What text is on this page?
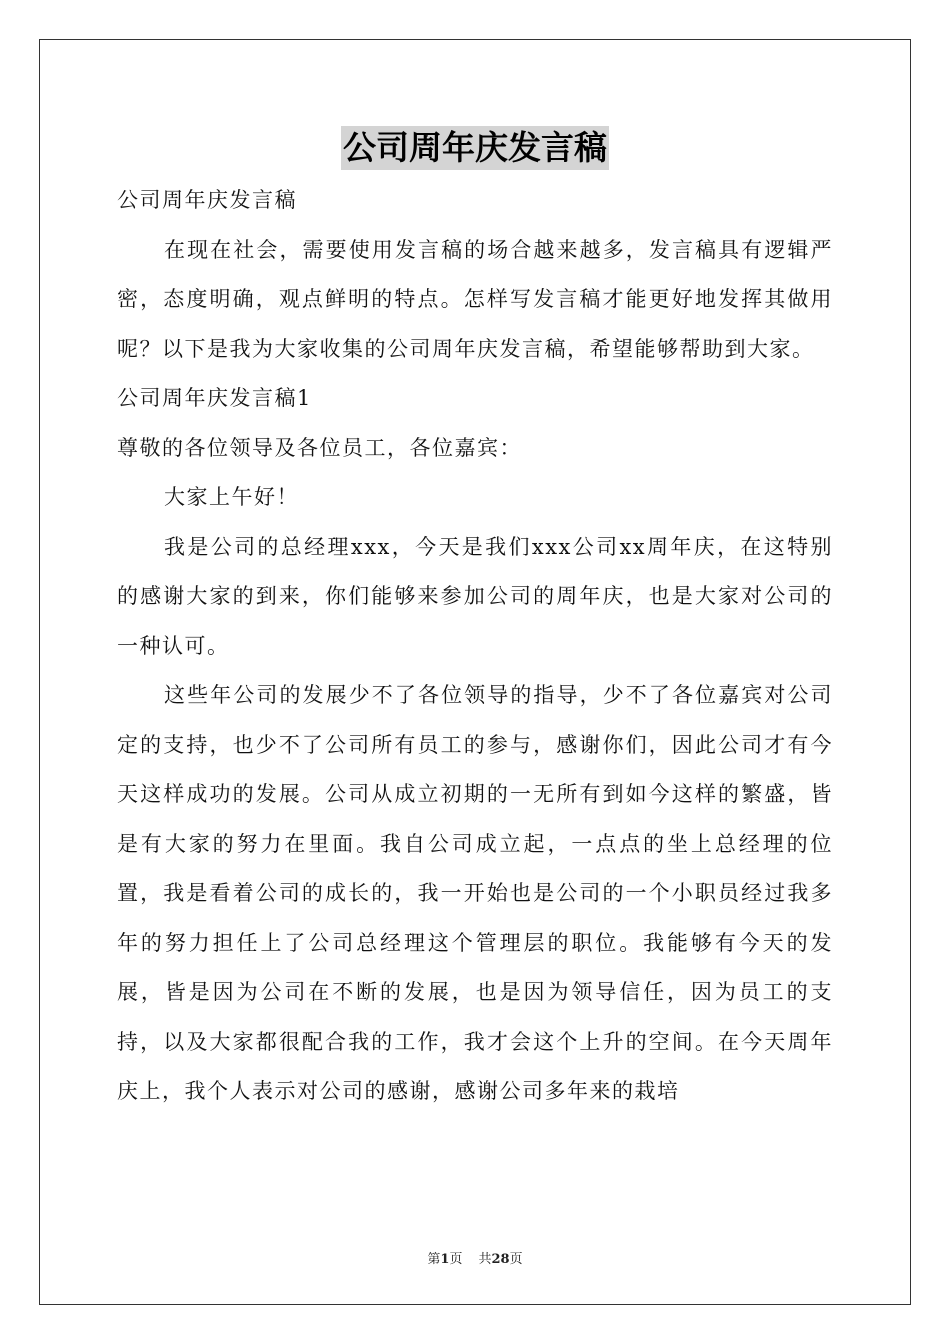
公司周年庆发言稿

公司周年庆发言稿

在现在社会，需要使用发言稿的场合越来越多，发言稿具有逻辑严密，态度明确，观点鲜明的特点。怎样写发言稿才能更好地发挥其做用呢？以下是我为大家收集的公司周年庆发言稿，希望能够帮助到大家。

公司周年庆发言稿1

尊敬的各位领导及各位员工，各位嘉宾：

大家上午好！

我是公司的总经理xxx，今天是我们xxx公司xx周年庆，在这特别的感谢大家的到来，你们能够来参加公司的周年庆，也是大家对公司的一种认可。

这些年公司的发展少不了各位领导的指导，少不了各位嘉宾对公司定的支持，也少不了公司所有员工的参与，感谢你们，因此公司才有今天这样成功的发展。公司从成立初期的一无所有到如今这样的繁盛，皆是有大家的努力在里面。我自公司成立起，一点点的坐上总经理的位置，我是看着公司的成长的，我一开始也是公司的一个小职员经过我多年的努力担任上了公司总经理这个管理层的职位。我能够有今天的发展，皆是因为公司在不断的发展，也是因为领导信任，因为员工的支持，以及大家都很配合我的工作，我才会这个上升的空间。在今天周年庆上，我个人表示对公司的感谢，感谢公司多年来的栽培

第1页 共28页
